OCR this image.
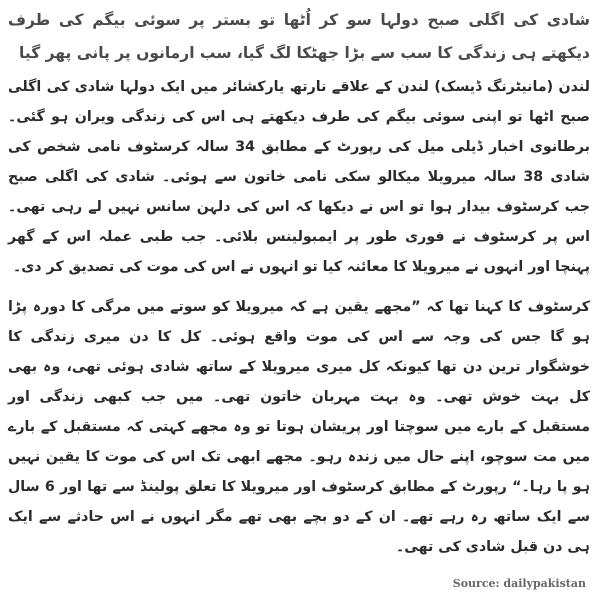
شادی کی اگلی صبح دولہا سو کر اُٹھا تو بستر پر سوئی بیگم کی طرف دیکھتے ہی زندگی کا سب سے بڑا جھٹکا لگ گیا، سب ارمانوں پر پانی پھر گیا

لندن (مانیٹرنگ ڈیسک) لندن کے علاقے نارتھ یارکشائر میں ایک دولہا شادی کی اگلی صبح اٹھا تو اپنی سوئی بیگم کی طرف دیکھتے ہی اس کی زندگی ویران ہو گئی۔ برطانوی اخبار ڈیلی میل کی رپورٹ کے مطابق 34 سالہ کرسٹوف نامی شخص کی شادی 38 سالہ میرویلا میکالو سکی نامی خاتون سے ہوئی۔ شادی کی اگلی صبح جب کرسٹوف بیدار ہوا تو اس نے دیکھا کہ اس کی دلہن سانس نہیں لے رہی تھی۔ اس پر کرسٹوف نے فوری طور پر ایمبولینس بلائی۔ جب طبی عملہ اس کے گھر پہنچا اور انہوں نے میرویلا کا معائنہ کیا تو انہوں نے اس کی موت کی تصدیق کر دی۔

کرسٹوف کا کہنا تھا کہ ”مجھے یقین ہے کہ میرویلا کو سوتے میں مرگی کا دورہ پڑا ہو گا جس کی وجہ سے اس کی موت واقع ہوئی۔ کل کا دن میری زندگی کا خوشگوار ترین دن تھا کیونکہ کل میری میرویلا کے ساتھ شادی ہوئی تھی، وہ بھی کل بہت خوش تھی۔ وہ بہت مہربان خاتون تھی۔ میں جب کبھی زندگی اور مستقبل کے بارے میں سوچتا اور پریشان ہوتا تو وہ مجھے کہتی کہ مستقبل کے بارے میں مت سوچو، اپنے حال میں زندہ رہو۔ مجھے ابھی تک اس کی موت کا یقین نہیں ہو پا رہا۔“ رپورٹ کے مطابق کرسٹوف اور میرویلا کا تعلق پولینڈ سے تھا اور 6 سال سے ایک ساتھ رہ رہے تھے۔ ان کے دو بچے بھی تھے مگر انہوں نے اس حادثے سے ایک ہی دن قبل شادی کی تھی۔

Source: dailypakistan
